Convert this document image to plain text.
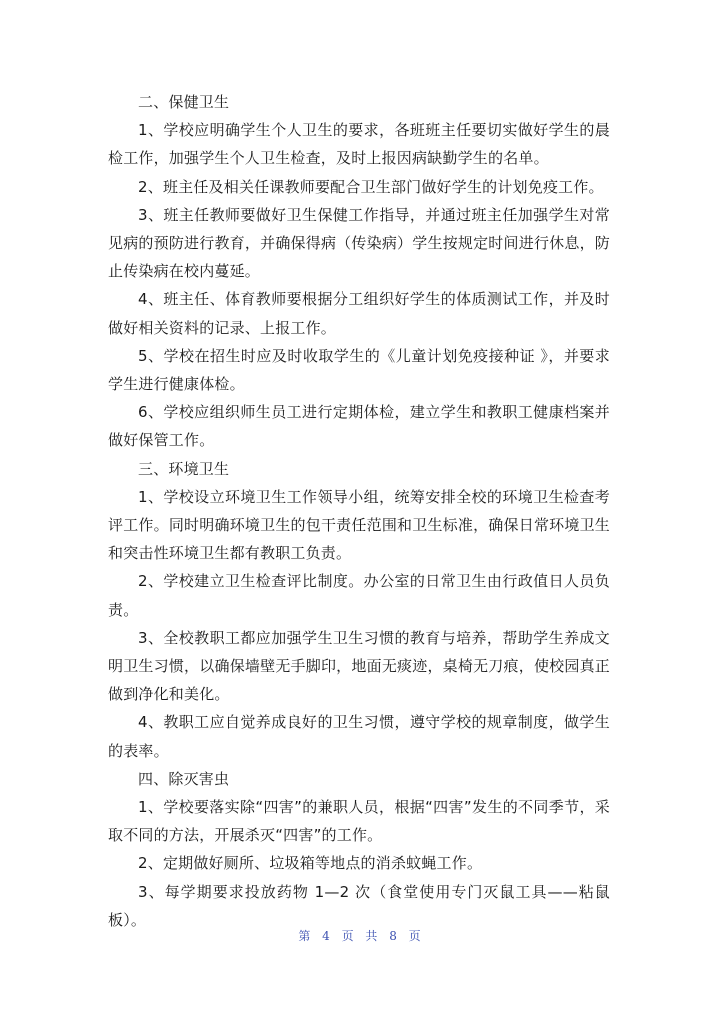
二、保健卫生

1、学校应明确学生个人卫生的要求，各班班主任要切实做好学生的晨检工作，加强学生个人卫生检查，及时上报因病缺勤学生的名单。

2、班主任及相关任课教师要配合卫生部门做好学生的计划免疫工作。

3、班主任教师要做好卫生保健工作指导，并通过班主任加强学生对常见病的预防进行教育，并确保得病（传染病）学生按规定时间进行休息，防止传染病在校内蔓延。

4、班主任、体育教师要根据分工组织好学生的体质测试工作，并及时做好相关资料的记录、上报工作。

5、学校在招生时应及时收取学生的《儿童计划免疫接种证 》，并要求学生进行健康体检。

6、学校应组织师生员工进行定期体检，建立学生和教职工健康档案并做好保管工作。

三、环境卫生

1、学校设立环境卫生工作领导小组，统筹安排全校的环境卫生检查考评工作。同时明确环境卫生的包干责任范围和卫生标准，确保日常环境卫生和突击性环境卫生都有教职工负责。

2、学校建立卫生检查评比制度。办公室的日常卫生由行政值日人员负责。

3、全校教职工都应加强学生卫生习惯的教育与培养，帮助学生养成文明卫生习惯，以确保墙壁无手脚印，地面无痰迹，桌椅无刀痕，使校园真正做到净化和美化。

4、教职工应自觉养成良好的卫生习惯，遵守学校的规章制度，做学生的表率。

四、除灭害虫

1、学校要落实除“四害”的兼职人员，根据“四害”发生的不同季节，采取不同的方法，开展杀灭“四害”的工作。

2、定期做好厕所、垃圾箱等地点的消杀蚊蝇工作。

3、每学期要求投放药物 1—2 次（食堂使用专门灭鼠工具——粘鼠板）。

第 4 页 共 8 页
